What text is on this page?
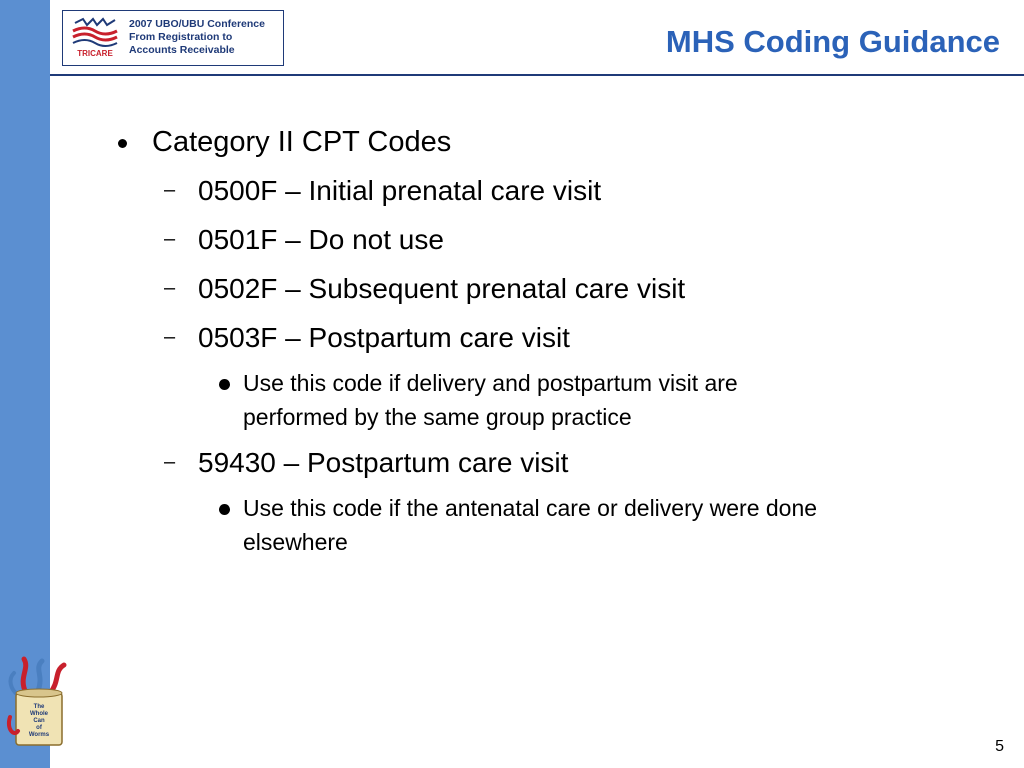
TRICARE
2007 UBO/UBU Conference
From Registration to
Accounts Receivable	MHS Coding Guidance
Category II CPT Codes
– 0500F – Initial prenatal care visit
– 0501F – Do not use
– 0502F – Subsequent prenatal care visit
– 0503F – Postpartum care visit
Use this code if delivery and postpartum visit are
performed by the same group practice
– 59430 – Postpartum care visit
Use this code if the antenatal care or delivery were done
elsewhere
The
Whole
Can
of
Worms
5
